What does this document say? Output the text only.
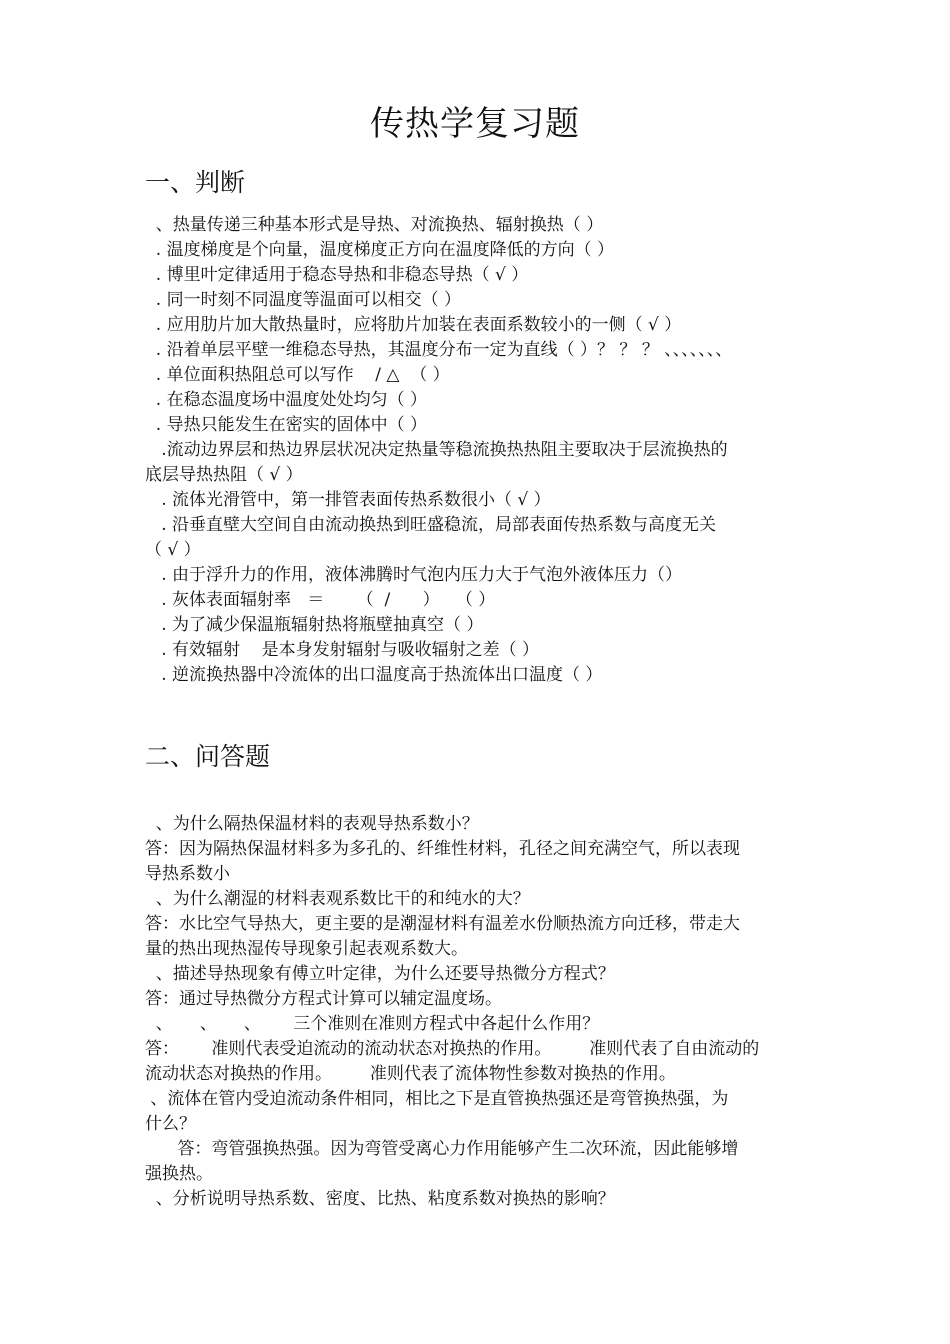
传热学复习题
一、判断
、热量传递三种基本形式是导热、对流换热、辐射换热（ ）
. 温度梯度是个向量，温度梯度正方向在温度降低的方向（ ）
. 博里叶定律适用于稳态导热和非稳态导热（ √ ）
. 同一时刻不同温度等温面可以相交（ ）
. 应用肋片加大散热量时，应将肋片加装在表面系数较小的一侧（ √ ）
. 沿着单层平壁一维稳态导热，其温度分布一定为直线（ ）？ ？ ？ 、、、、、、、
. 单位面积热阻总可以写作    / △  （ ）
. 在稳态温度场中温度处处均匀（ ）
. 导热只能发生在密实的固体中（ ）
.流动边界层和热边界层状况决定热量等稳流换热热阻主要取决于层流换热的
底层导热热阻（ √ ）
. 流体光滑管中，第一排管表面传热系数很小（ √ ）
. 沿垂直壁大空间自由流动换热到旺盛稳流，局部表面传热系数与高度无关
（ √ ）
. 由于浮升力的作用，液体沸腾时气泡内压力大于气泡外液体压力（）
. 灰体表面辐射率   ＝      （  /      ）   （ ）
. 为了减少保温瓶辐射热将瓶壁抽真空（ ）
. 有效辐射    是本身发射辐射与吸收辐射之差（ ）
. 逆流换热器中冷流体的出口温度高于热流体出口温度（ ）
二、问答题
、为什么隔热保温材料的表观导热系数小？
答：因为隔热保温材料多为多孔的、纤维性材料，孔径之间充满空气，所以表现
导热系数小
、为什么潮湿的材料表观系数比干的和纯水的大？
答：水比空气导热大，更主要的是潮湿材料有温差水份顺热流方向迁移，带走大
量的热出现热湿传导现象引起表观系数大。
、描述导热现象有傅立叶定律，为什么还要导热微分方程式？
答：通过导热微分方程式计算可以辅定温度场。
、     、     、      三个准则在准则方程式中各起什么作用？
答：      准则代表受迫流动的流动状态对换热的作用。       准则代表了自由流动的
流动状态对换热的作用。       准则代表了流体物性参数对换热的作用。
、流体在管内受迫流动条件相同，相比之下是直管换热强还是弯管换热强，为
什么？
答：弯管强换热强。因为弯管受离心力作用能够产生二次环流，因此能够增
强换热。
、分析说明导热系数、密度、比热、粘度系数对换热的影响？
